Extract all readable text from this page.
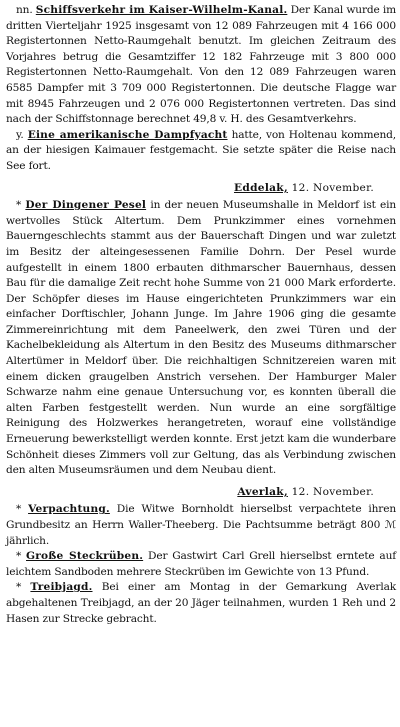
nn. Schiffsverkehr im Kaiser-Wilhelm-Kanal. Der Kanal wurde im dritten Vierteljahr 1925 insgesamt von 12 089 Fahrzeugen mit 4 166 000 Registertonnen Netto-Raumgehalt benutzt. Im gleichen Zeitraum des Vorjahres betrug die Gesamtziffer 12 182 Fahrzeuge mit 3 800 000 Registertonnen Netto-Raumgehalt. Von den 12 089 Fahrzeugen waren 6585 Dampfer mit 3 709 000 Registertonnen. Die deutsche Flagge war mit 8945 Fahrzeugen und 2 076 000 Registertonnen vertreten. Das sind nach der Schiffstonnage berechnet 49,8 v. H. des Gesamtverkehrs.

y. Eine amerikanische Dampfyacht hatte, von Holtenau kommend, an der hiesigen Kaimauer festgemacht. Sie setzte später die Reise nach See fort.

Eddelak, 12. November.

* Der Dingener Pesel in der neuen Museumshalle in Meldorf ist ein wertvolles Stück Altertum. Dem Prunkzimmer eines vornehmen Bauerngeschlechts stammt aus der Bauerschaft Dingen und war zuletzt im Besitz der alteingesessenen Familie Dohrn. Der Pesel wurde aufgestellt in einem 1800 erbauten dithmarscher Bauernhaus, dessen Bau für die damalige Zeit recht hohe Summe von 21 000 Mark erforderte. Der Schöpfer dieses im Hause eingerichteten Prunkzimmers war ein einfacher Dorftischler, Johann Junge. Im Jahre 1906 ging die gesamte Zimmereinrichtung mit dem Paneelwerk, den zwei Türen und der Kachelbekleidung als Altertum in den Besitz des Museums dithmarscher Altertümer in Meldorf über. Die reichhaltigen Schnitzereien waren mit einem dicken graugelben Anstrich versehen. Der Hamburger Maler Schwarze nahm eine genaue Untersuchung vor, es konnten überall die alten Farben festgestellt werden. Nun wurde an eine sorgfältige Reinigung des Holzwerkes herangetreten, worauf eine vollständige Erneuerung bewerkstelligt werden konnte. Erst jetzt kam die wunderbare Schönheit dieses Zimmers voll zur Geltung, das als Verbindung zwischen den alten Museumsräumen und dem Neubau dient.

Averlak, 12. November.

* Verpachtung. Die Witwe Bornholdt hierselbst verpachtete ihren Grundbesitz an Herrn Waller-Theeberg. Die Pachtsumme beträgt 800 ℳ jährlich.

* Große Steckrüben. Der Gastwirt Carl Grell hierselbst erntete auf leichtem Sandboden mehrere Steckrüben im Gewichte von 13 Pfund.

* Treibjagd. Bei einer am Montag in der Gemarkung Averlak abgehaltenen Treibjagd, an der 20 Jäger teilnahmen, wurden 1 Reh und 2 Hasen zur Strecke gebracht.
